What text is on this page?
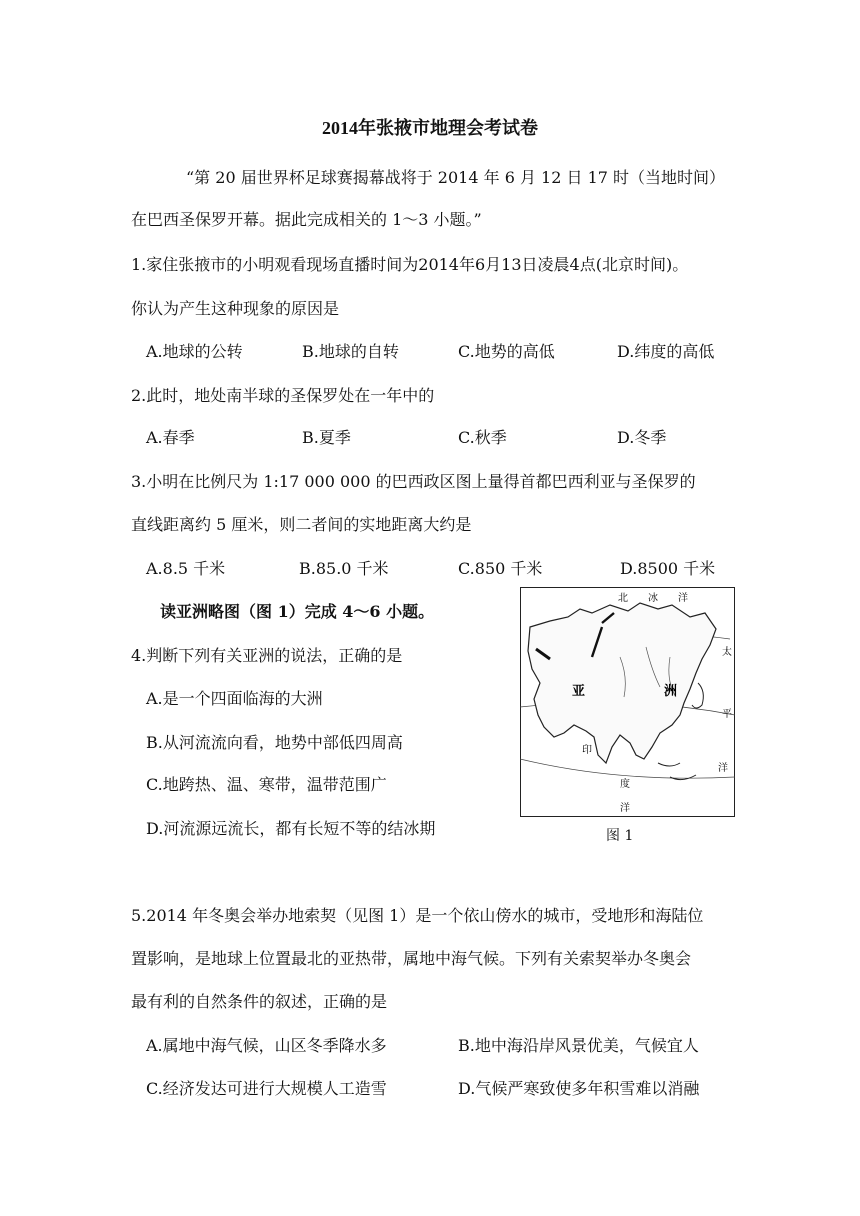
2014年张掖市地理会考试卷
“第 20 届世界杯足球赛揭幕战将于 2014 年 6 月 12 日 17 时（当地时间）
在巴西圣保罗开幕。据此完成相关的 1～3 小题。”
1.家住张掖市的小明观看现场直播时间为2014年6月13日凌晨4点(北京时间)。
你认为产生这种现象的原因是
A.地球的公转	B.地球的自转	C.地势的高低	D.纬度的高低
2.此时，地处南半球的圣保罗处在一年中的
A.春季	B.夏季	C.秋季	D.冬季
3.小明在比例尺为 1:17 000 000 的巴西政区图上量得首都巴西利亚与圣保罗的
直线距离约 5 厘米，则二者间的实地距离大约是
A.8.5 千米	B.85.0 千米	C.850 千米	D.8500 千米
读亚洲略图（图 1）完成 4～6 小题。
4.判断下列有关亚洲的说法，正确的是
A.是一个四面临海的大洲
B.从河流流向看，地势中部低四周高
C.地跨热、温、寒带，温带范围广
D.河流源远流长，都有长短不等的结冰期
北 冰 洋
太
平
洋
亚	洲
印
度
洋
图 1
5.2014 年冬奥会举办地索契（见图 1）是一个依山傍水的城市，受地形和海陆位
置影响，是地球上位置最北的亚热带，属地中海气候。下列有关索契举办冬奥会
最有利的自然条件的叙述，正确的是
A.属地中海气候，山区冬季降水多	B.地中海沿岸风景优美，气候宜人
C.经济发达可进行大规模人工造雪	D.气候严寒致使多年积雪难以消融
